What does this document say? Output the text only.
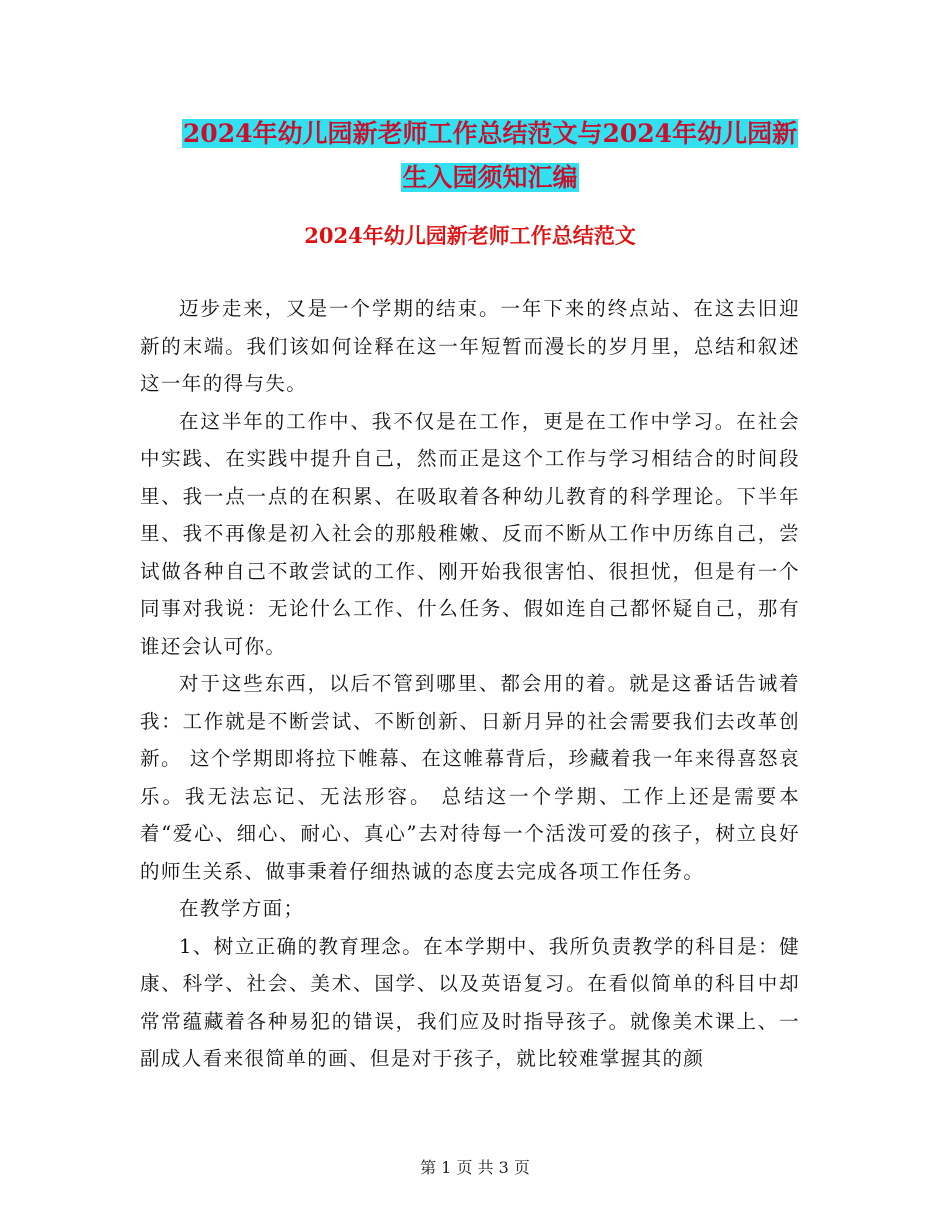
2024年幼儿园新老师工作总结范文与2024年幼儿园新
生入园须知汇编
2024年幼儿园新老师工作总结范文

迈步走来，又是一个学期的结束。一年下来的终点站、在这去旧迎新的末端。我们该如何诠释在这一年短暂而漫长的岁月里，总结和叙述这一年的得与失。

在这半年的工作中、我不仅是在工作，更是在工作中学习。在社会中实践、在实践中提升自己，然而正是这个工作与学习相结合的时间段里、我一点一点的在积累、在吸取着各种幼儿教育的科学理论。下半年里、我不再像是初入社会的那般稚嫩、反而不断从工作中历练自己，尝试做各种自己不敢尝试的工作、刚开始我很害怕、很担忧，但是有一个同事对我说：无论什么工作、什么任务、假如连自己都怀疑自己，那有谁还会认可你。

对于这些东西，以后不管到哪里、都会用的着。就是这番话告诫着我：工作就是不断尝试、不断创新、日新月异的社会需要我们去改革创新。 这个学期即将拉下帷幕、在这帷幕背后，珍藏着我一年来得喜怒哀乐。我无法忘记、无法形容。 总结这一个学期、工作上还是需要本着“爱心、细心、耐心、真心”去对待每一个活泼可爱的孩子，树立良好的师生关系、做事秉着仔细热诚的态度去完成各项工作任务。

在教学方面；

1、树立正确的教育理念。在本学期中、我所负责教学的科目是：健康、科学、社会、美术、国学、以及英语复习。在看似简单的科目中却常常蕴藏着各种易犯的错误，我们应及时指导孩子。就像美术课上、一副成人看来很简单的画、但是对于孩子，就比较难掌握其的颜

第 1 页 共 3 页
